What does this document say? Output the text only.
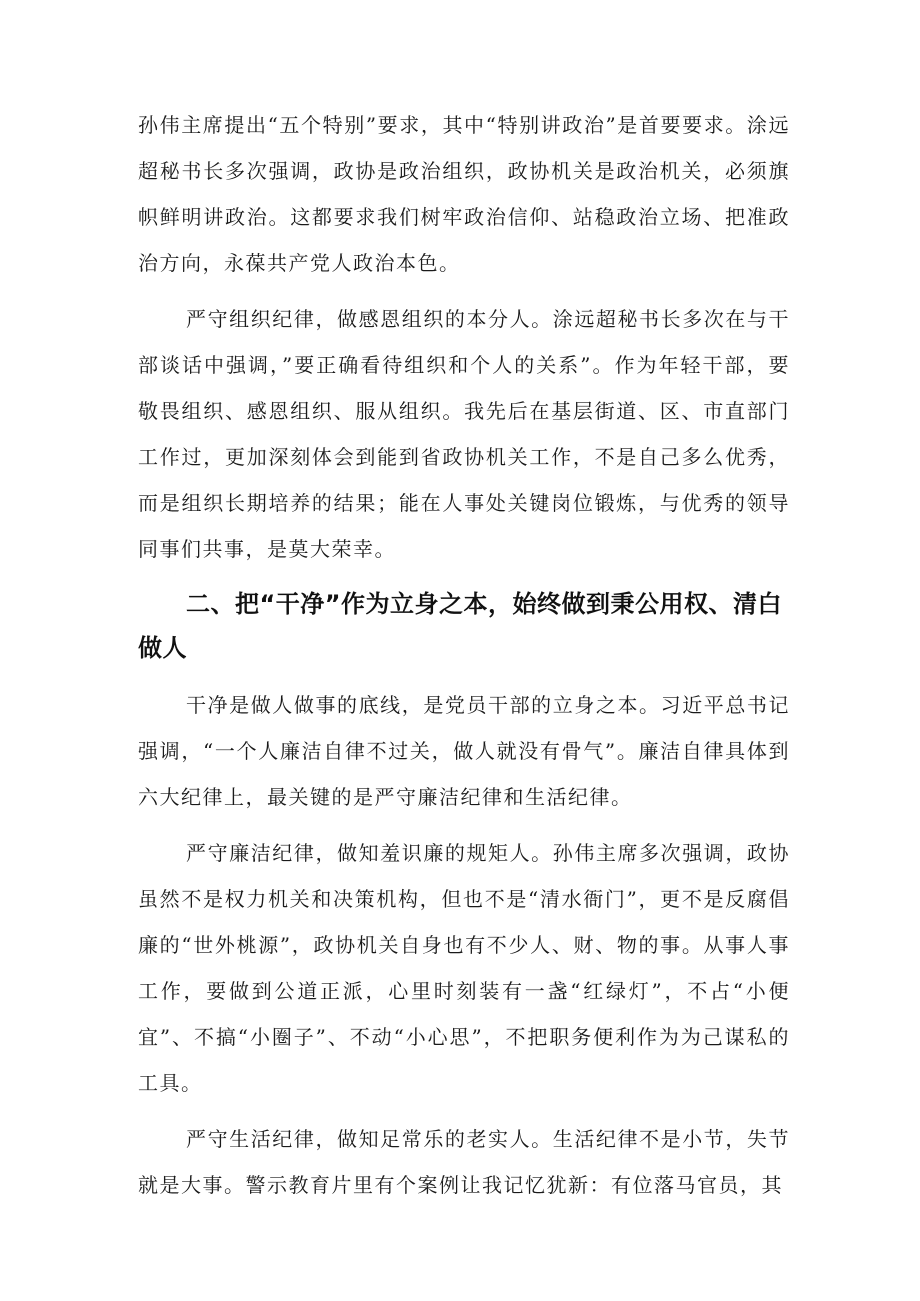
孙伟主席提出“五个特别”要求，其中“特别讲政治”是首要要求。涂远超秘书长多次强调，政协是政治组织，政协机关是政治机关，必须旗帜鲜明讲政治。这都要求我们树牢政治信仰、站稳政治立场、把准政治方向，永葆共产党人政治本色。

严守组织纪律，做感恩组织的本分人。涂远超秘书长多次在与干部谈话中强调，”要正确看待组织和个人的关系”。作为年轻干部，要敬畏组织、感恩组织、服从组织。我先后在基层街道、区、市直部门工作过，更加深刻体会到能到省政协机关工作，不是自己多么优秀，而是组织长期培养的结果；能在人事处关键岗位锻炼，与优秀的领导同事们共事，是莫大荣幸。

二、把“干净”作为立身之本，始终做到秉公用权、清白做人

干净是做人做事的底线，是党员干部的立身之本。习近平总书记强调，“一个人廉洁自律不过关，做人就没有骨气”。廉洁自律具体到六大纪律上，最关键的是严守廉洁纪律和生活纪律。

严守廉洁纪律，做知羞识廉的规矩人。孙伟主席多次强调，政协虽然不是权力机关和决策机构，但也不是“清水衙门”，更不是反腐倡廉的“世外桃源”，政协机关自身也有不少人、财、物的事。从事人事工作，要做到公道正派，心里时刻装有一盏“红绿灯”，不占“小便宜”、不搞“小圈子”、不动“小心思”，不把职务便利作为为己谋私的工具。

严守生活纪律，做知足常乐的老实人。生活纪律不是小节，失节就是大事。警示教育片里有个案例让我记忆犹新：有位落马官员，其
